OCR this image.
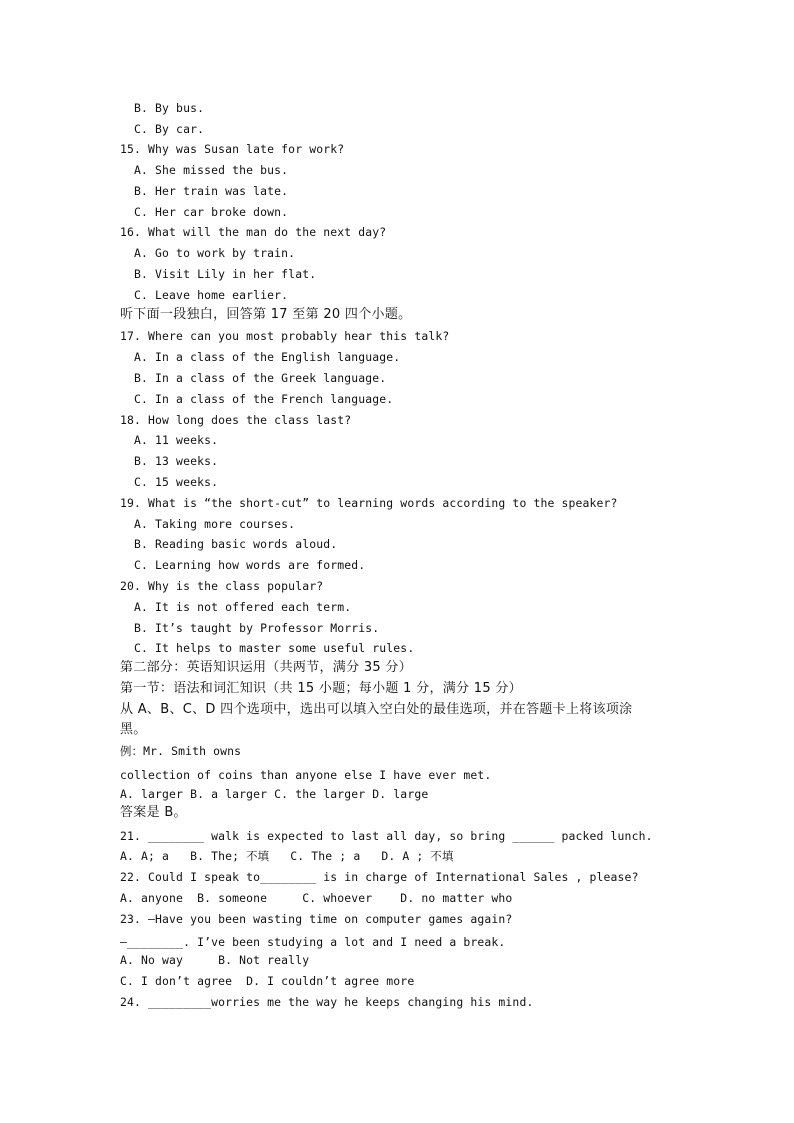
B. By bus.
C. By car.
15. Why was Susan late for work?
A. She missed the bus.
B. Her train was late.
C. Her car broke down.
16. What will the man do the next day?
A. Go to work by train.
B. Visit Lily in her flat.
C. Leave home earlier.
听下面一段独白，回答第 17 至第 20 四个小题。
17. Where can you most probably hear this talk?
A. In a class of the English language.
B. In a class of the Greek language.
C. In a class of the French language.
18. How long does the class last?
A. 11 weeks.
B. 13 weeks.
C. 15 weeks.
19. What is “the short-cut” to learning words according to the speaker?
A. Taking more courses.
B. Reading basic words aloud.
C. Learning how words are formed.
20. Why is the class popular?
A. It is not offered each term.
B. It’s taught by Professor Morris.
C. It helps to master some useful rules.
第二部分：英语知识运用（共两节，满分 35 分）
第一节：语法和词汇知识（共 15 小题；每小题 1 分，满分 15 分）
从 A、B、C、D 四个选项中，选出可以填入空白处的最佳选项，并在答题卡上将该项涂
黑。
例：Mr. Smith owns
collection of coins than anyone else I have ever met.
A. larger B. a larger C. the larger D. large
答案是 B。
21. ________ walk is expected to last all day, so bring ______ packed lunch.
A. A; a   B. The; 不填   C. The ; a   D. A ; 不填
22. Could I speak to________ is in charge of International Sales , please?
A. anyone  B. someone     C. whoever    D. no matter who
23. —Have you been wasting time on computer games again?
—________. I’ve been studying a lot and I need a break.
A. No way     B. Not really
C. I don’t agree  D. I couldn’t agree more
24. _________worries me the way he keeps changing his mind.
